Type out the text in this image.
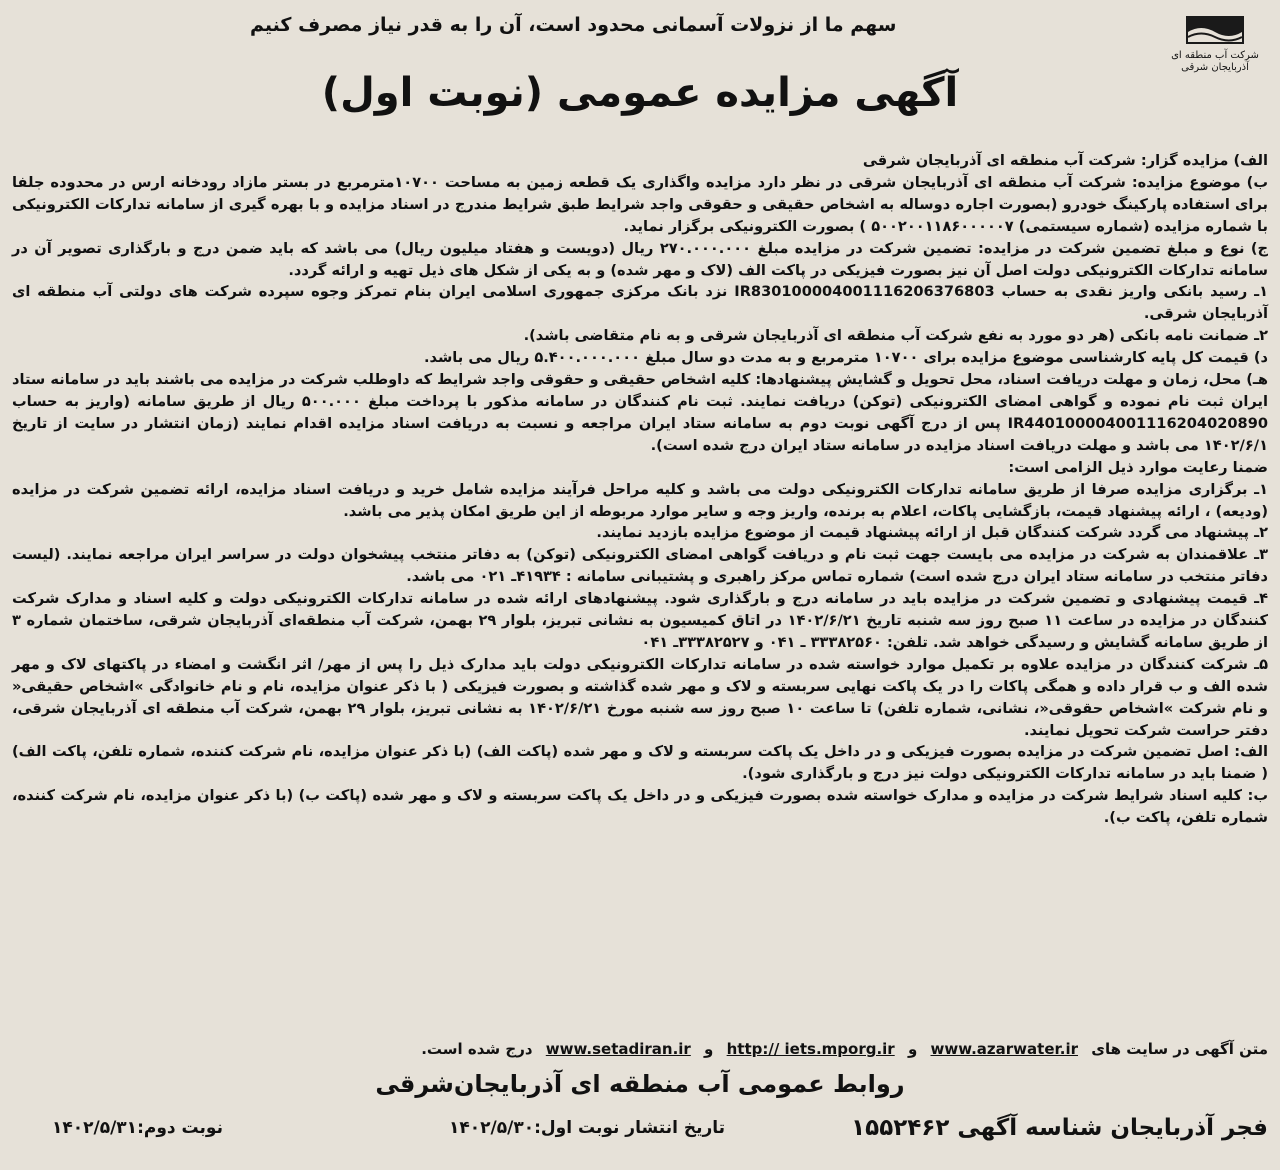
شرکت آب منطقه ای آذربایجان شرقی
سهم ما از نزولات آسمانی محدود است، آن را به قدر نیاز مصرف کنیم
آگهی مزایده عمومی (نوبت اول)

الف) مزایده گزار: شرکت آب منطقه ای آذربایجان شرقی

ب) موضوع مزایده: شرکت آب منطقه ای آذربایجان شرقی در نظر دارد مزایده واگذاری یک قطعه زمین به مساحت ۱۰۷۰۰مترمربع در بستر مازاد رودخانه ارس در محدوده جلفا برای استفاده پارکینگ خودرو (بصورت اجاره دوساله به اشخاص حقیقی و حقوقی واجد شرایط طبق شرایط مندرج در اسناد مزایده و با بهره گیری از سامانه تدارکات الکترونیکی با شماره مزایده (شماره سیستمی) ۵۰۰۲۰۰۱۱۸۶۰۰۰۰۰۷ ) بصورت الکترونیکی برگزار نماید.

ج) نوع و مبلغ تضمین شرکت در مزایده: تضمین شرکت در مزایده مبلغ ۲۷۰.۰۰۰.۰۰۰ ریال (دویست و هفتاد میلیون ریال) می باشد که باید ضمن درج و بارگذاری تصویر آن در سامانه تدارکات الکترونیکی دولت اصل آن نیز بصورت فیزیکی در پاکت الف (لاک و مهر شده) و به یکی از شکل های ذیل تهیه و ارائه گردد.

۱ـ رسید بانکی واریز نقدی به حساب IR830100004001116206376803 نزد بانک مرکزی جمهوری اسلامی ایران بنام تمرکز وجوه سپرده شرکت های دولتی آب منطقه ای آذربایجان شرقی.

۲ـ ضمانت نامه بانکی (هر دو مورد به نفع شرکت آب منطقه ای آذربایجان شرقی و به نام متقاضی باشد).

د) قیمت کل پایه کارشناسی موضوع مزایده برای ۱۰۷۰۰ مترمربع و به مدت دو سال مبلغ ۵.۴۰۰.۰۰۰.۰۰۰ ریال می باشد.

هـ) محل، زمان و مهلت دریافت اسناد، محل تحویل و گشایش پیشنهادها: کلیه اشخاص حقیقی و حقوقی واجد شرایط که داوطلب شرکت در مزایده می باشند باید در سامانه ستاد ایران ثبت نام نموده و گواهی امضای الکترونیکی (توکن) دریافت نمایند. ثبت نام کنندگان در سامانه مذکور با پرداخت مبلغ ۵۰۰.۰۰۰ ریال از طریق سامانه (واریز به حساب IR440100004001116204020890 پس از درج آگهی نوبت دوم به سامانه ستاد ایران مراجعه و نسبت به دریافت اسناد مزایده اقدام نمایند (زمان انتشار در سایت از تاریخ ۱۴۰۲/۶/۱ می باشد و مهلت دریافت اسناد مزایده در سامانه ستاد ایران درج شده است).

ضمنا رعایت موارد ذیل الزامی است:

۱ـ برگزاری مزایده صرفا از طریق سامانه تدارکات الکترونیکی دولت می باشد و کلیه مراحل فرآیند مزایده شامل خرید و دریافت اسناد مزایده، ارائه تضمین شرکت در مزایده (ودیعه) ، ارائه پیشنهاد قیمت، بازگشایی پاکات، اعلام به برنده، واریز وجه و سایر موارد مربوطه از این طریق امکان پذیر می باشد.

۲ـ پیشنهاد می گردد شرکت کنندگان قبل از ارائه پیشنهاد قیمت از موضوع مزایده بازدید نمایند.

۳ـ علاقمندان به شرکت در مزایده می بایست جهت ثبت نام و دریافت گواهی امضای الکترونیکی (توکن) به دفاتر منتخب پیشخوان دولت در سراسر ایران مراجعه نمایند. (لیست دفاتر منتخب در سامانه ستاد ایران درج شده است) شماره تماس مرکز راهبری و پشتیبانی سامانه : ۴۱۹۳۴ـ ۰۲۱ می باشد.

۴ـ قیمت پیشنهادی و تضمین شرکت در مزایده باید در سامانه درج و بارگذاری شود. پیشنهادهای ارائه شده در سامانه تدارکات الکترونیکی دولت و کلیه اسناد و مدارک شرکت کنندگان در مزایده در ساعت ۱۱ صبح روز سه شنبه تاریخ ۱۴۰۲/۶/۲۱ در اتاق کمیسیون به نشانی تبریز، بلوار ۲۹ بهمن، شرکت آب منطقه‌ای آذربایجان شرقی، ساختمان شماره ۳ از طریق سامانه گشایش و رسیدگی خواهد شد. تلفن: ۳۳۳۸۲۵۶۰ ـ ۰۴۱ و ۳۳۳۸۲۵۲۷ـ ۰۴۱

۵ـ شرکت کنندگان در مزایده علاوه بر تکمیل موارد خواسته شده در سامانه تدارکات الکترونیکی دولت باید مدارک ذیل را پس از مهر/ اثر انگشت و امضاء در پاکتهای لاک و مهر شده الف و ب قرار داده و همگی پاکات را در یک پاکت نهایی سربسته و لاک و مهر شده گذاشته و بصورت فیزیکی ( با ذکر عنوان مزایده، نام و نام خانوادگی »اشخاص حقیقی« و نام شرکت »اشخاص حقوقی«، نشانی، شماره تلفن) تا ساعت ۱۰ صبح روز سه شنبه مورخ ۱۴۰۲/۶/۲۱ به نشانی تبریز، بلوار ۲۹ بهمن، شرکت آب منطقه ای آذربایجان شرقی، دفتر حراست شرکت تحویل نمایند.

الف: اصل تضمین شرکت در مزایده بصورت فیزیکی و در داخل یک پاکت سربسته و لاک و مهر شده (پاکت الف) (با ذکر عنوان مزایده، نام شرکت کننده، شماره تلفن، پاکت الف) ( ضمنا باید در سامانه تدارکات الکترونیکی دولت نیز درج و بارگذاری شود).

ب: کلیه اسناد شرایط شرکت در مزایده و مدارک خواسته شده بصورت فیزیکی و در داخل یک پاکت سربسته و لاک و مهر شده (پاکت ب) (با ذکر عنوان مزایده، نام شرکت کننده، شماره تلفن، پاکت ب).

متن آگهی در سایت های www.azarwater.ir و http:// iets.mporg.ir و www.setadiran.ir درج شده است.
روابط عمومی آب منطقه ای آذربایجان‌شرقی
فجر آذربایجان شناسه آگهی ۱۵۵۲۴۶۲
تاریخ انتشار نوبت اول:۱۴۰۲/۵/۳۰
نوبت دوم:۱۴۰۲/۵/۳۱
